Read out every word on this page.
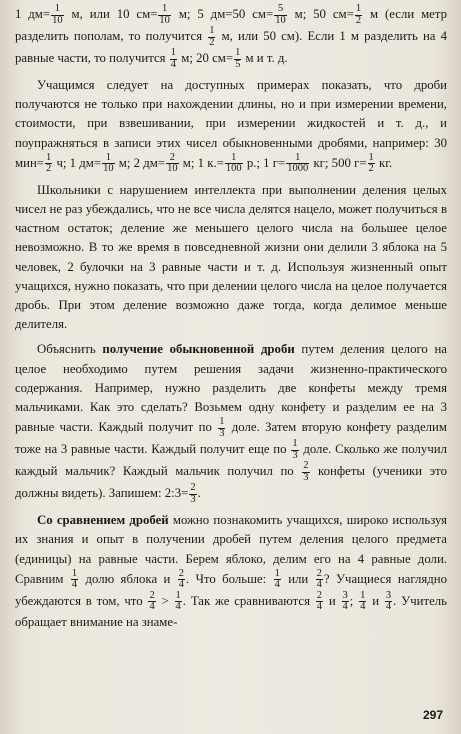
1 $дм= \frac{1}{10} м$, или 10 $см= \frac{1}{10} м$; 5 дм=50 $см= \frac{5}{10} м$; 50 $см= \frac{1}{2}$ м (если метр разделить пополам, то получится $\frac{1}{2} м$, или 50 см). Если 1 м разделить на 4 равные части, то получится $\frac{1}{4} м$; 20 $см= \frac{1}{5}$ м и т. д.

Учащимся следует на доступных примерах показать, что дроби получаются не только при нахождении длины, но и при измерении времени, стоимости, при взвешивании, при измерении жидкостей и т. д., и поупражняться в записи этих чисел обыкновенными дробями, например: 30 $мин= \frac{1}{2} ч$; 1 $дм= \frac{1}{10} м$; 2 $дм= \frac{2}{10} м$; 1 $к.= \frac{1}{100} р$.; 1 $г= \frac{1}{1000}$ кг; 500 $г= \frac{1}{2}$ кг.

Школьники с нарушением интеллекта при выполнении деления целых чисел не раз убеждались, что не все числа делятся нацело, может получиться в частном остаток; деление же меньшего целого числа на большее целое невозможно. В то же время в повседневной жизни они делили 3 яблока на 5 человек, 2 булочки на 3 равные части и т. д. Используя жизненный опыт учащихся, нужно показать, что при делении целого числа на целое получается дробь. При этом деление возможно даже тогда, когда делимое меньше делителя.

Объяснить получение обыкновенной дроби путем деления целого на целое необходимо путем решения задачи жизненно-практического содержания. Например, нужно разделить две конфеты между тремя мальчиками. Как это сделать? Возьмем одну конфету и разделим ее на 3 равные части. Каждый получит по $\frac{1}{3}$ доле. Затем вторую конфету разделим тоже на 3 равные части. Каждый получит еще по $\frac{1}{3}$ доле. Сколько же получил каждый мальчик? Каждый мальчик получил по $\frac{2}{3}$ конфеты (ученики это должны видеть). Запишем: 2:3= $\frac{2}{3}$ .

Со сравнением дробей можно познакомить учащихся, широко используя их знания и опыт в получении дробей путем деления целого предмета (единицы) на равные части. Берем яблоко, делим его на 4 равные доли. Сравним $\frac{1}{4}$ долю яблока и $\frac{2}{4}$ . Что больше: $\frac{1}{4}$ или $\frac{2}{4}$ ? Учащиеся наглядно убеждаются в том, что $\frac{2}{4} > \frac{1}{4}$ . Так же сравниваются $\frac{2}{4}$ и $\frac{3}{4}$ ; $\frac{1}{4}$ и $\frac{3}{4}$ . Учитель обращает внимание на знаме-

297
